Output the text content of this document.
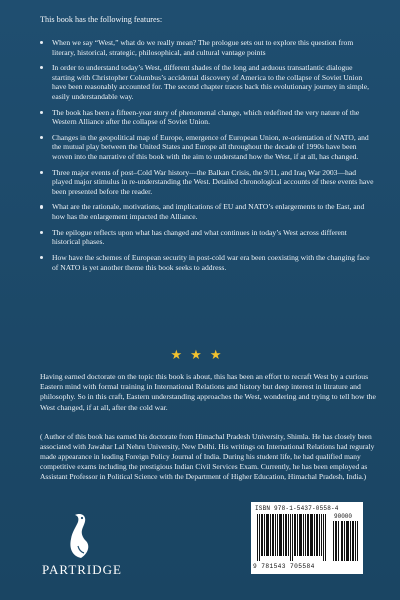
This book has the following features:
When we say “West,” what do we really mean? The prologue sets out to explore this question from literary, historical, strategic, philosophical, and cultural vantage points
In order to understand today’s West, different shades of the long and arduous transatlantic dialogue starting with Christopher Columbus’s accidental discovery of America to the collapse of Soviet Union have been reasonably accounted for. The second chapter traces back this evolutionary journey in simple, easily understandable way.
The book has been a fifteen-year story of phenomenal change, which redefined the very nature of the Western Alliance after the collapse of Soviet Union.
Changes in the geopolitical map of Europe, emergence of European Union, re-orientation of NATO, and the mutual play between the United States and Europe all throughout the decade of 1990s have been woven into the narrative of this book with the aim to understand how the West, if at all, has changed.
Three major events of post–Cold War history—the Balkan Crisis, the 9/11, and Iraq War 2003—had played major stimulus in re-understanding the West. Detailed chronological accounts of these events have been presented before the reader.
What are the rationale, motivations, and implications of EU and NATO’s enlargements to the East, and how has the enlargement impacted the Alliance.
The epilogue reflects upon what has changed and what continues in today’s West across different historical phases.
How have the schemes of European security in post-cold war era been coexisting with the changing face of NATO is yet another theme this book seeks to address.
★★★

Having earned doctorate on the topic this book is about, this has been an effort to recraft West by a curious Eastern mind with formal training in International Relations and history but deep interest in litrature and philosophy. So in this craft, Eastern understanding approaches the West, wondering and trying to tell how the West changed, if at all, after the cold war.

( Author of this book has earned his doctorate from Himachal Pradesh University, Shimla. He has closely been associated with Jawahar Lal Nehru University, New Delhi. His writings on International Relations had reguraly made appearance in leading Foreign Policy Journal of India. During his student life, he had qualified many competitive exams including the prestigious Indian Civil Services Exam. Currently, he has been employed as Assistant Professor in Political Science with the Department of Higher Education, Himachal Pradesh, India.)

PARTRIDGE
ISBN 978-1-5437-0558-4
90000
9 781543 705584
